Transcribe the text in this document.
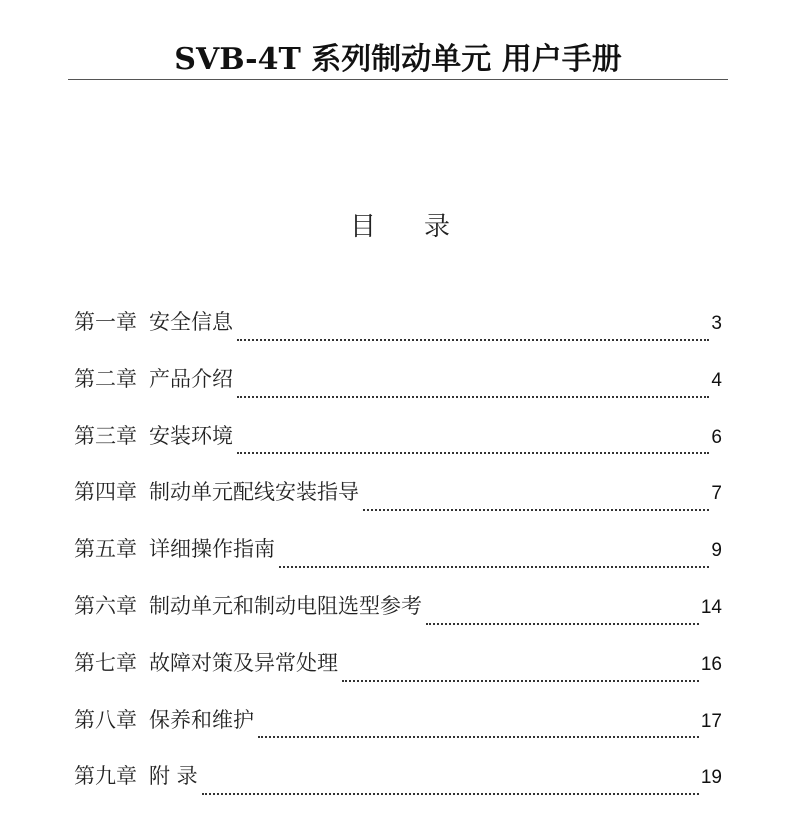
SVB-4T 系列制动单元 用户手册
目 录
第一章 安全信息	3
第二章 产品介绍	4
第三章 安装环境	6
第四章 制动单元配线安装指导	7
第五章 详细操作指南	9
第六章 制动单元和制动电阻选型参考	14
第七章 故障对策及异常处理	16
第八章 保养和维护	17
第九章 附 录	19
